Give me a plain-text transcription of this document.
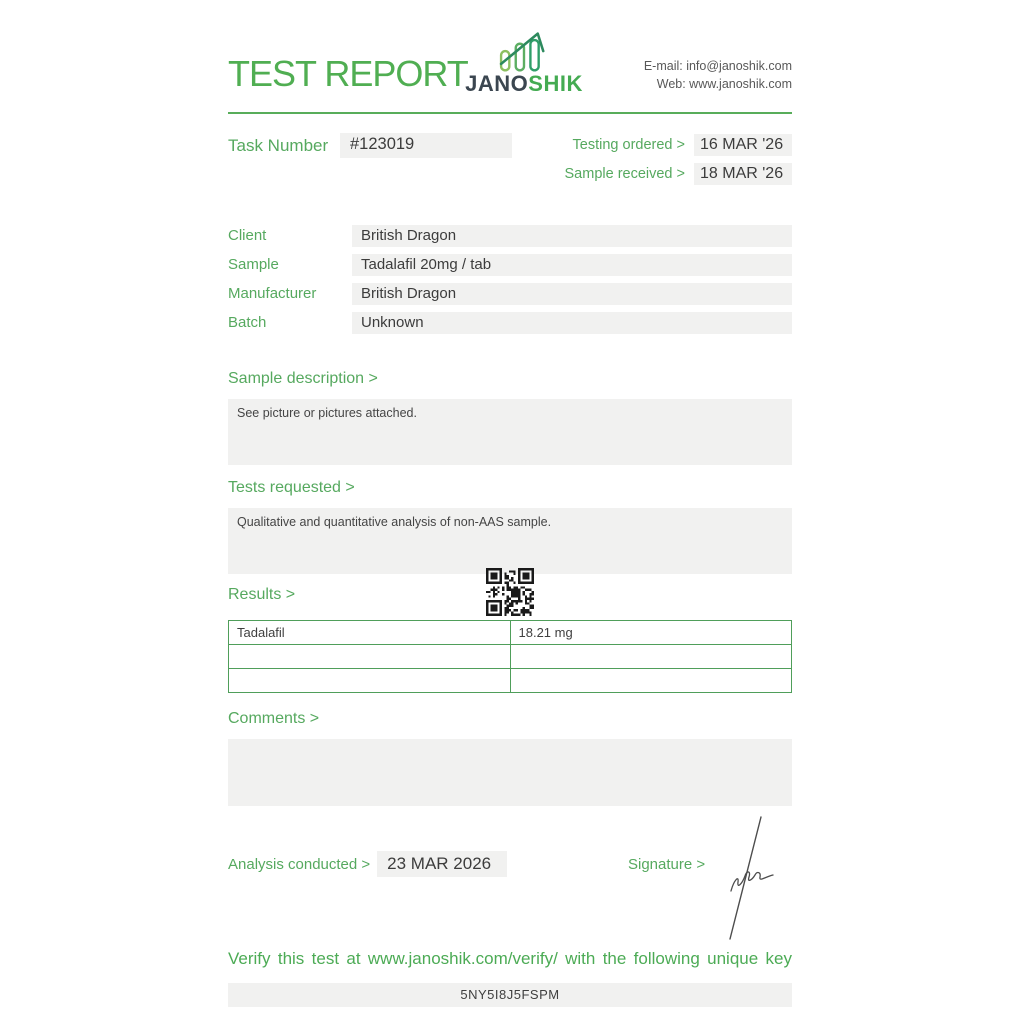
TEST REPORT
JANOSHIK
E-mail: info@janoshik.com
Web: www.janoshik.com
Task Number	#123019	Testing ordered > 16 MAR '26
Sample received > 18 MAR '26
Client	British Dragon
Sample	Tadalafil 20mg / tab
Manufacturer	British Dragon
Batch	Unknown
Sample description >
See picture or pictures attached.
Tests requested >
Qualitative and quantitative analysis of non-AAS sample.
Results >
Tadalafil	18.21 mg

Comments >
Analysis conducted >	23 MAR 2026	Signature >
Verify this test at www.janoshik.com/verify/ with the following unique key
5NY5I8J5FSPM
